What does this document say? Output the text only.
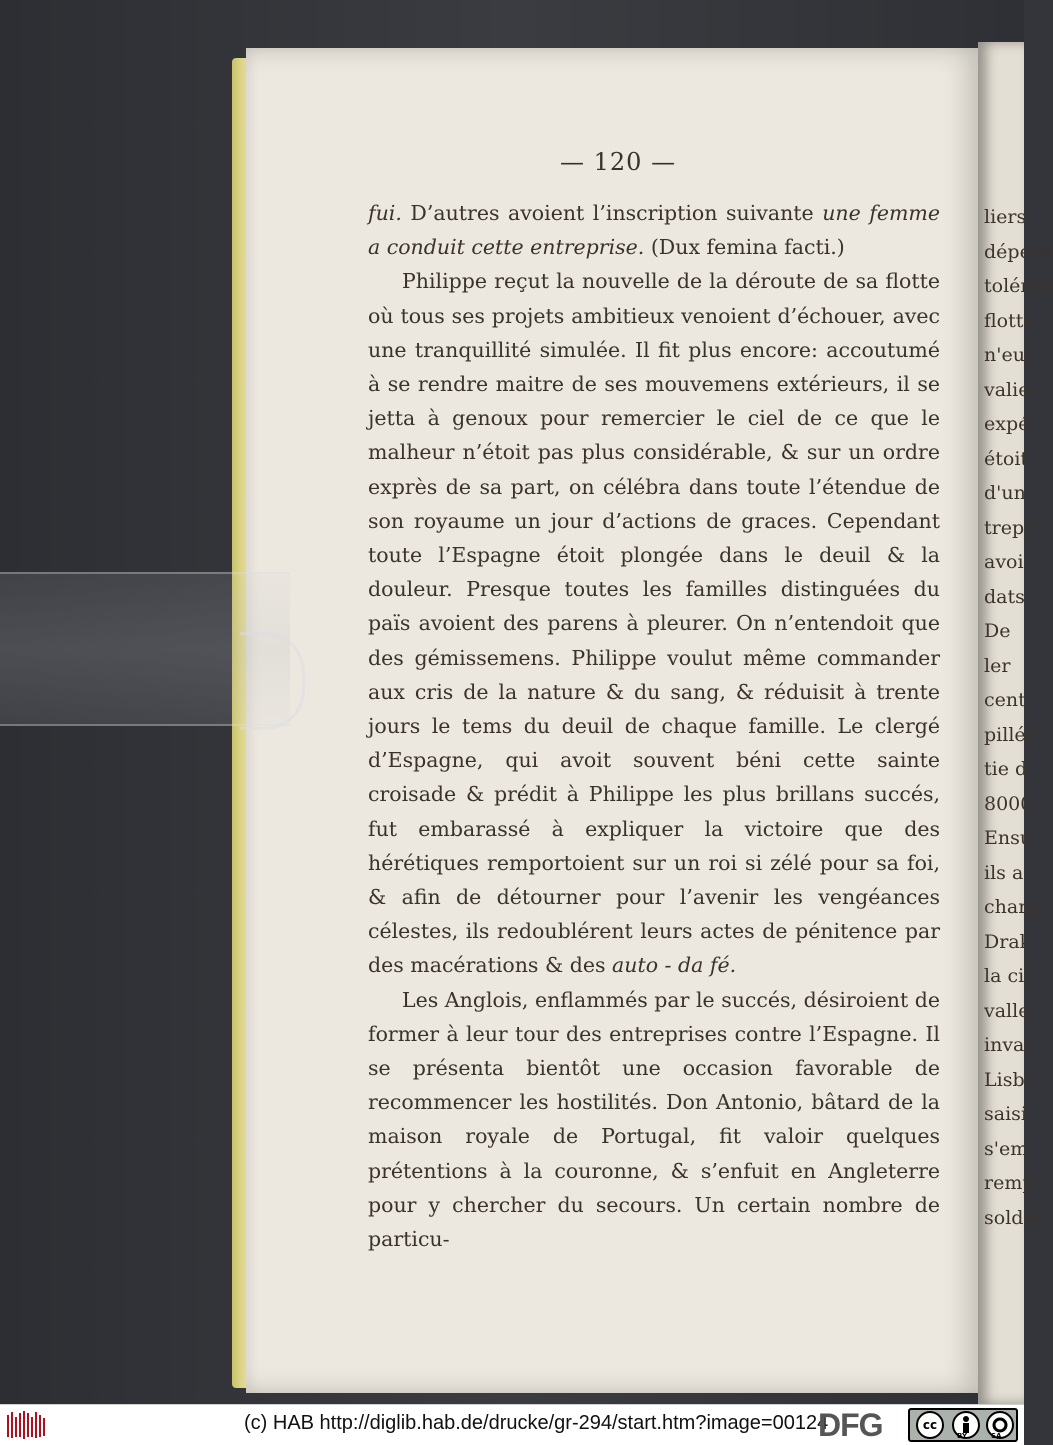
liers
dépens
toléres
flotte
n'eut
valier
expé
étoit
d'un
trepr
avoi
dats
De
ler
cent
pillér
tie d
8000
Ensu
ils a
charg
Drak
la cit
valle
invas
Lisbo
saisi
s'em
remp
soldat
— 120 —

fui. D’autres avoient l’inscription suivante une femme a conduit cette entreprise. (Dux femina facti.)

Philippe reçut la nouvelle de la déroute de sa flotte où tous ses projets ambitieux venoient d’échouer, avec une tranquillité simulée. Il fit plus encore: accoutumé à se rendre maitre de ses mouvemens extérieurs, il se jetta à genoux pour remercier le ciel de ce que le malheur n’étoit pas plus considérable, & sur un ordre exprès de sa part, on célébra dans toute l’étendue de son royaume un jour d’actions de graces. Cependant toute l’Espagne étoit plongée dans le deuil & la douleur. Presque toutes les familles distinguées du païs avoient des parens à pleurer. On n’entendoit que des gémissemens. Philippe voulut même commander aux cris de la nature & du sang, & réduisit à trente jours le tems du deuil de chaque famille. Le clergé d’Espagne, qui avoit souvent béni cette sainte croisade & prédit à Philippe les plus brillans succés, fut embarassé à expliquer la victoire que des hérétiques remportoient sur un roi si zélé pour sa foi, & afin de détourner pour l’avenir les vengéances célestes, ils redoublérent leurs actes de pénitence par des macérations & des auto - da fé.

Les Anglois, enflammés par le succés, désiroient de former à leur tour des entreprises contre l’Espagne. Il se présenta bientôt une occasion favorable de recommencer les hostilités. Don Antonio, bâtard de la maison royale de Portugal, fit valoir quelques prétentions à la couronne, & s’enfuit en Angleterre pour y chercher du secours. Un certain nombre de particu-

(c) HAB http://diglib.hab.de/drucke/gr-294/start.htm?image=00124
DFG	cc
BY	SA
